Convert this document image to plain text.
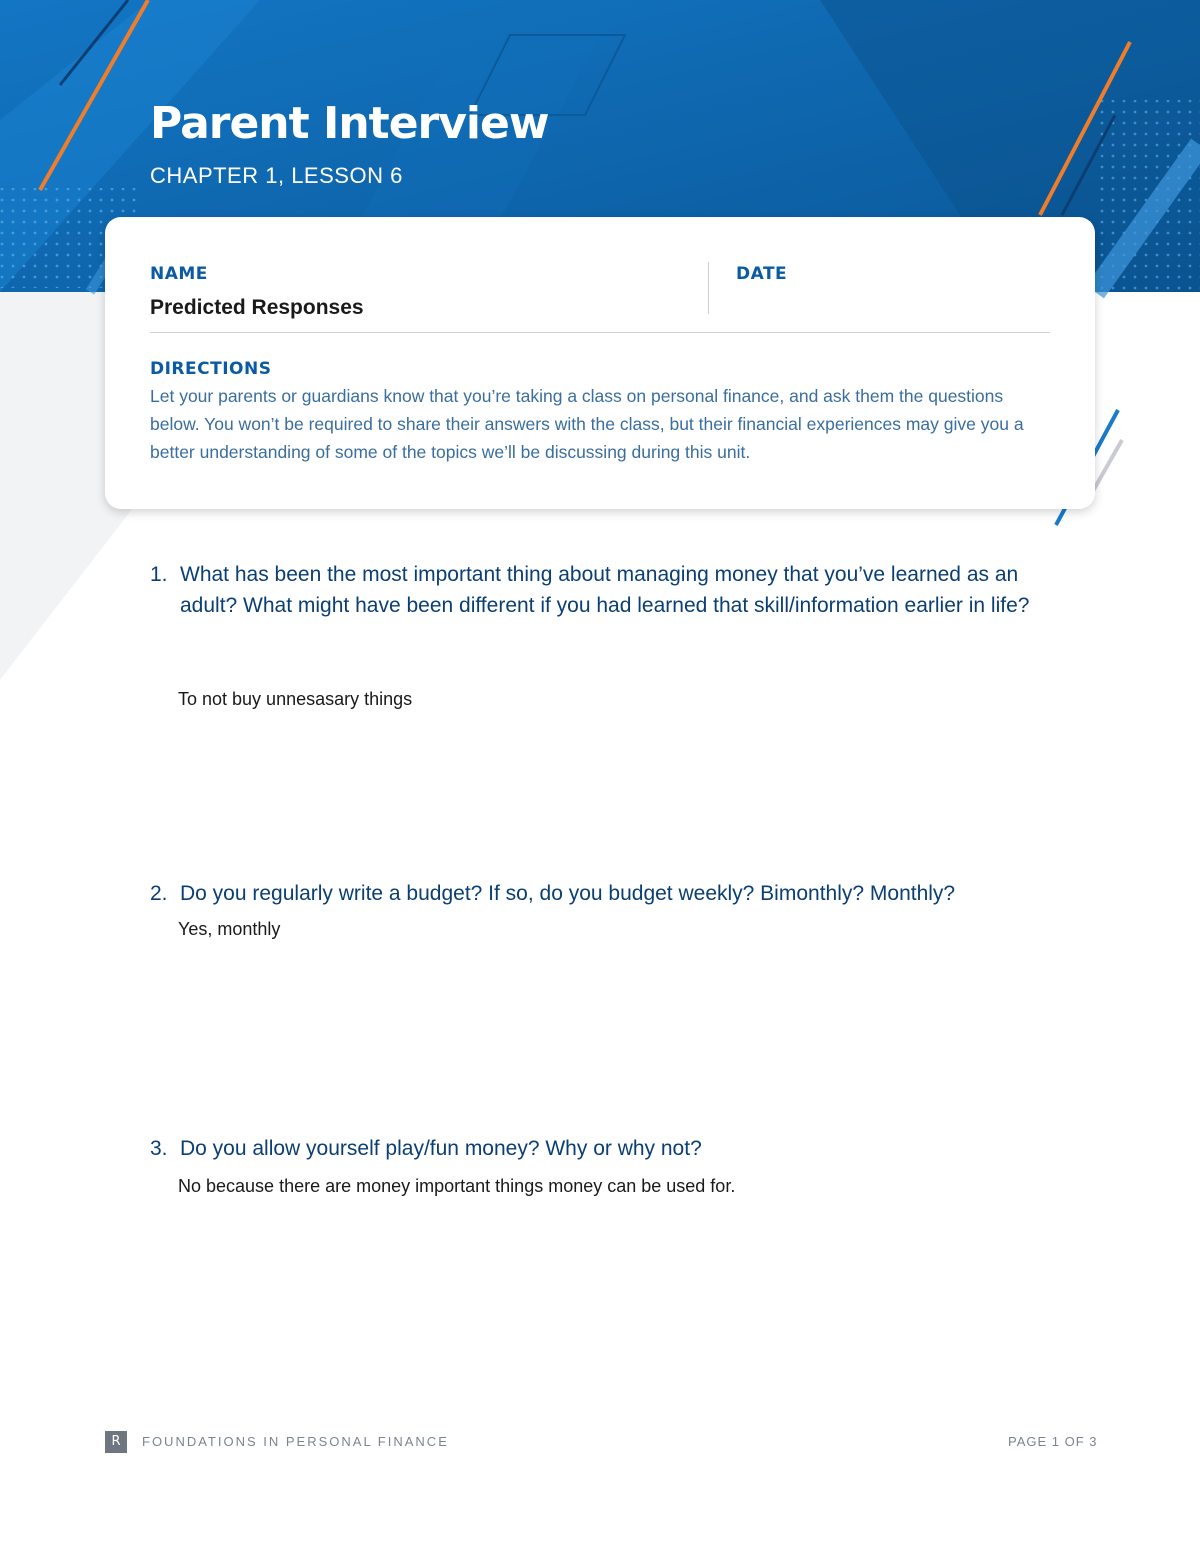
Parent Interview
CHAPTER 1, LESSON 6
NAME
Predicted Responses
DATE
DIRECTIONS

Let your parents or guardians know that you’re taking a class on personal finance, and ask them the questions below. You won’t be required to share their answers with the class, but their financial experiences may give you a better understanding of some of the topics we’ll be discussing during this unit.

1. What has been the most important thing about managing money that you’ve learned as an adult? What might have been different if you had learned that skill/information earlier in life?

To not buy unnesasary things
2. Do you regularly write a budget? If so, do you budget weekly? Bimonthly? Monthly?

Yes, monthly
3. Do you allow yourself play/fun money? Why or why not?

No because there are money important things money can be used for.
R	FOUNDATIONS IN PERSONAL FINANCE	PAGE 1 OF 3
